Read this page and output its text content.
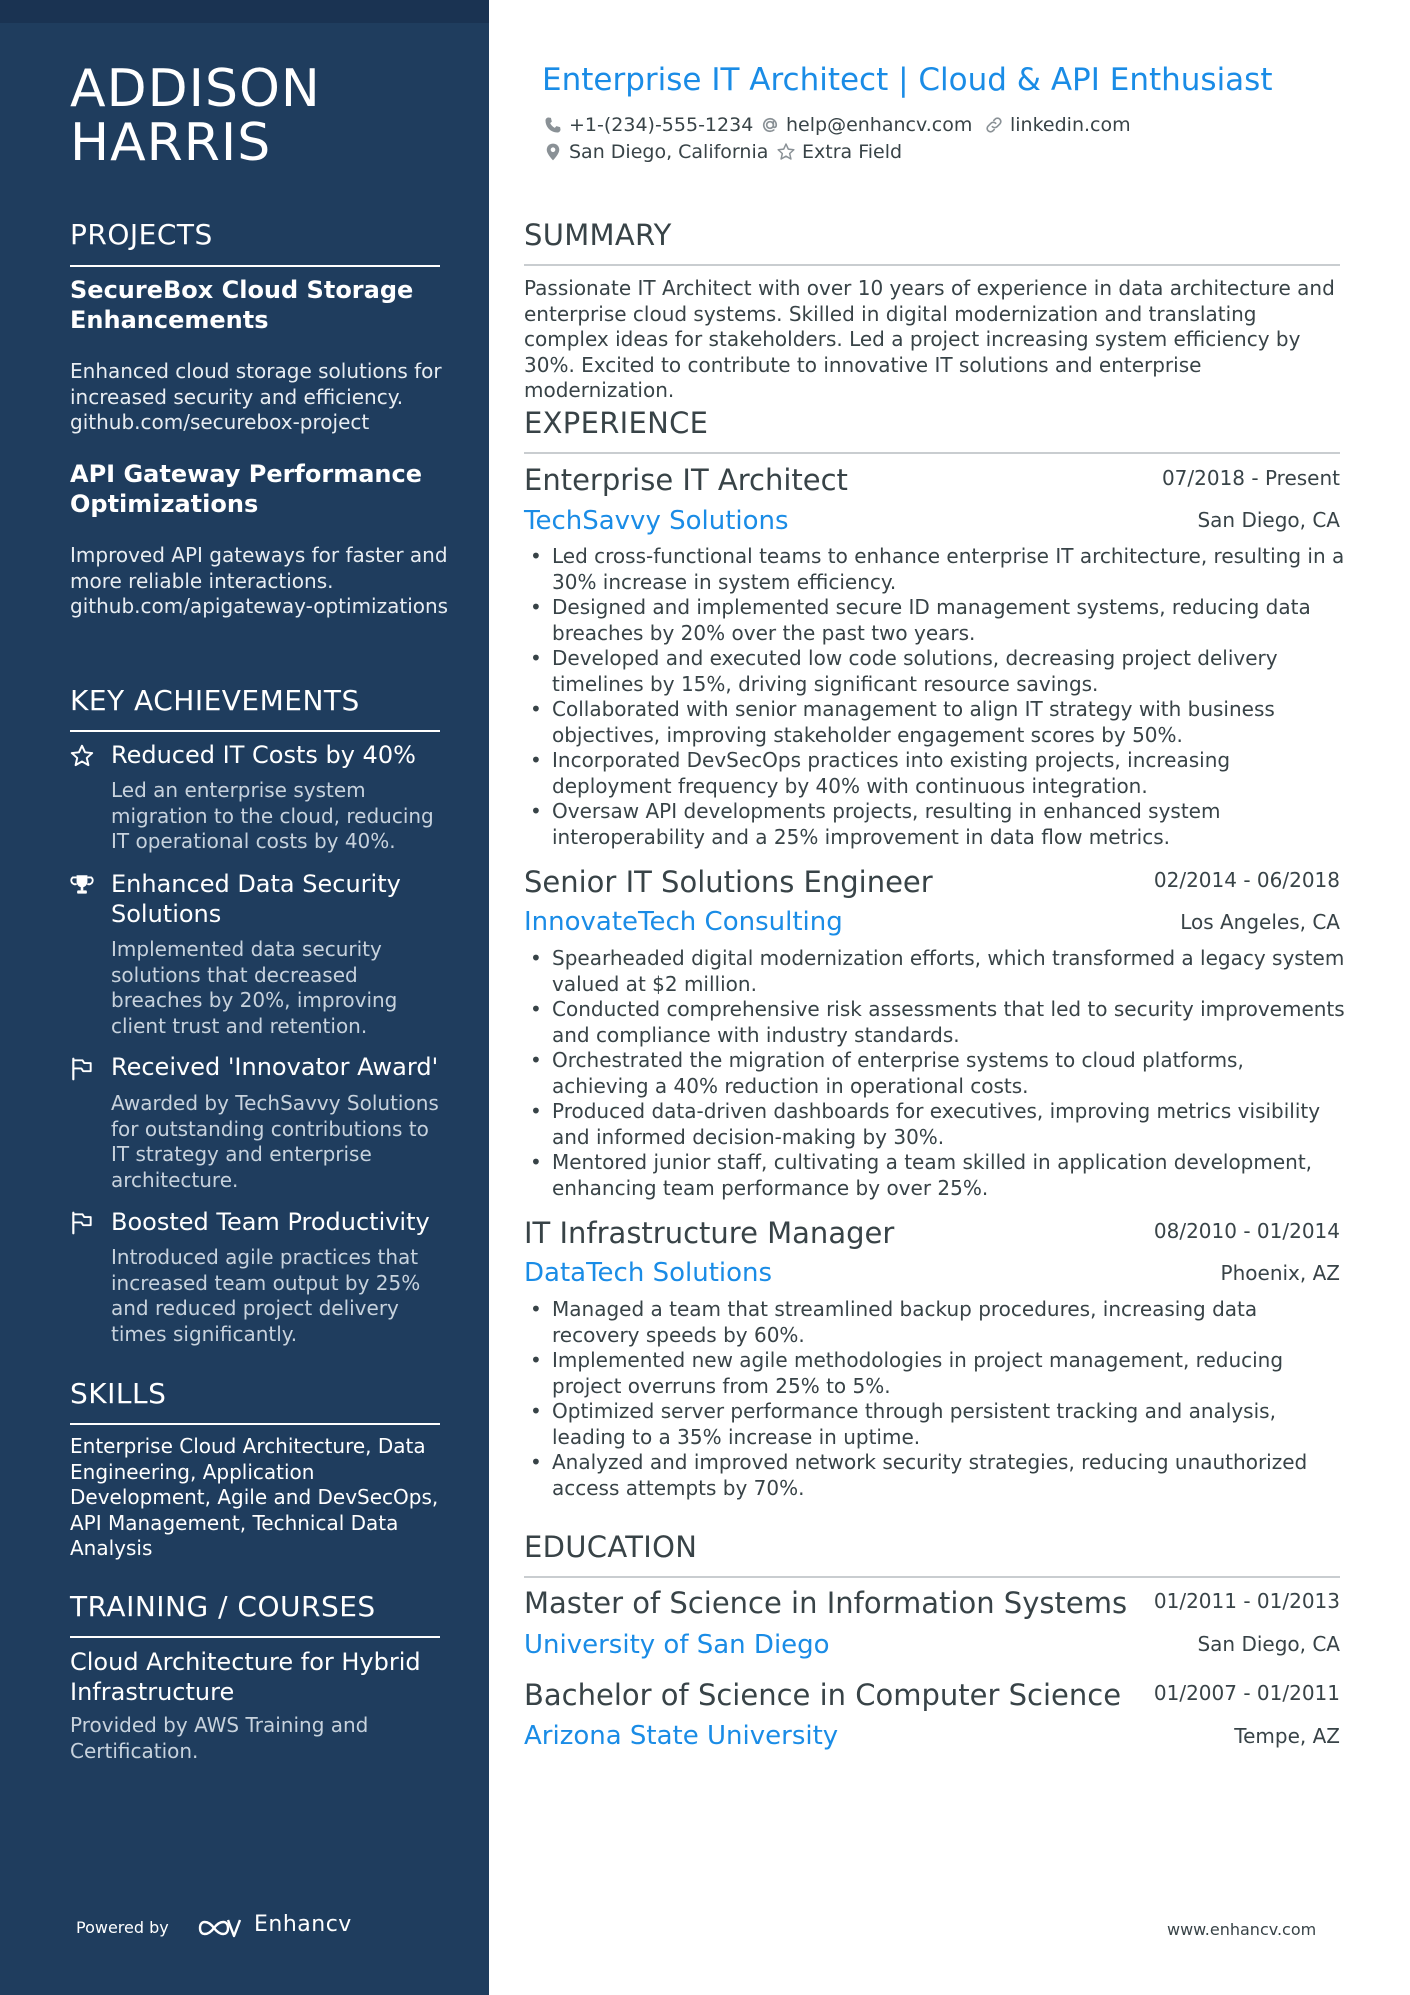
ADDISON
HARRIS
PROJECTS
SecureBox Cloud Storage Enhancements
Enhanced cloud storage solutions for increased security and efficiency. github.com/securebox-project
API Gateway Performance Optimizations
Improved API gateways for faster and more reliable interactions. github.com/apigateway-optimizations
KEY ACHIEVEMENTS
Reduced IT Costs by 40%
Led an enterprise system migration to the cloud, reducing IT operational costs by 40%.
Enhanced Data Security Solutions
Implemented data security solutions that decreased breaches by 20%, improving client trust and retention.
Received 'Innovator Award'
Awarded by TechSavvy Solutions for outstanding contributions to IT strategy and enterprise architecture.
Boosted Team Productivity
Introduced agile practices that increased team output by 25% and reduced project delivery times significantly.
SKILLS
Enterprise Cloud Architecture, Data Engineering, Application Development, Agile and DevSecOps, API Management, Technical Data Analysis
TRAINING / COURSES
Cloud Architecture for Hybrid Infrastructure
Provided by AWS Training and Certification.
Powered by	Enhancv
Enterprise IT Architect | Cloud & API Enthusiast
+1-(234)-555-1234 help@enhancv.com linkedin.com
San Diego, California Extra Field
SUMMARY
Passionate IT Architect with over 10 years of experience in data architecture and enterprise cloud systems. Skilled in digital modernization and translating complex ideas for stakeholders. Led a project increasing system efficiency by 30%. Excited to contribute to innovative IT solutions and enterprise modernization.
EXPERIENCE
Enterprise IT Architect	07/2018 - Present
TechSavvy Solutions	San Diego, CA
• Led cross-functional teams to enhance enterprise IT architecture, resulting in a 30% increase in system efficiency.
• Designed and implemented secure ID management systems, reducing data breaches by 20% over the past two years.
• Developed and executed low code solutions, decreasing project delivery timelines by 15%, driving significant resource savings.
• Collaborated with senior management to align IT strategy with business objectives, improving stakeholder engagement scores by 50%.
• Incorporated DevSecOps practices into existing projects, increasing deployment frequency by 40% with continuous integration.
• Oversaw API developments projects, resulting in enhanced system interoperability and a 25% improvement in data flow metrics.
Senior IT Solutions Engineer	02/2014 - 06/2018
InnovateTech Consulting	Los Angeles, CA
• Spearheaded digital modernization efforts, which transformed a legacy system valued at $2 million.
• Conducted comprehensive risk assessments that led to security improvements and compliance with industry standards.
• Orchestrated the migration of enterprise systems to cloud platforms, achieving a 40% reduction in operational costs.
• Produced data-driven dashboards for executives, improving metrics visibility and informed decision-making by 30%.
• Mentored junior staff, cultivating a team skilled in application development, enhancing team performance by over 25%.
IT Infrastructure Manager	08/2010 - 01/2014
DataTech Solutions	Phoenix, AZ
• Managed a team that streamlined backup procedures, increasing data recovery speeds by 60%.
• Implemented new agile methodologies in project management, reducing project overruns from 25% to 5%.
• Optimized server performance through persistent tracking and analysis, leading to a 35% increase in uptime.
• Analyzed and improved network security strategies, reducing unauthorized access attempts by 70%.
EDUCATION
Master of Science in Information Systems 01/2011 - 01/2013
University of San Diego	San Diego, CA
Bachelor of Science in Computer Science 01/2007 - 01/2011
Arizona State University	Tempe, AZ
www.enhancv.com
